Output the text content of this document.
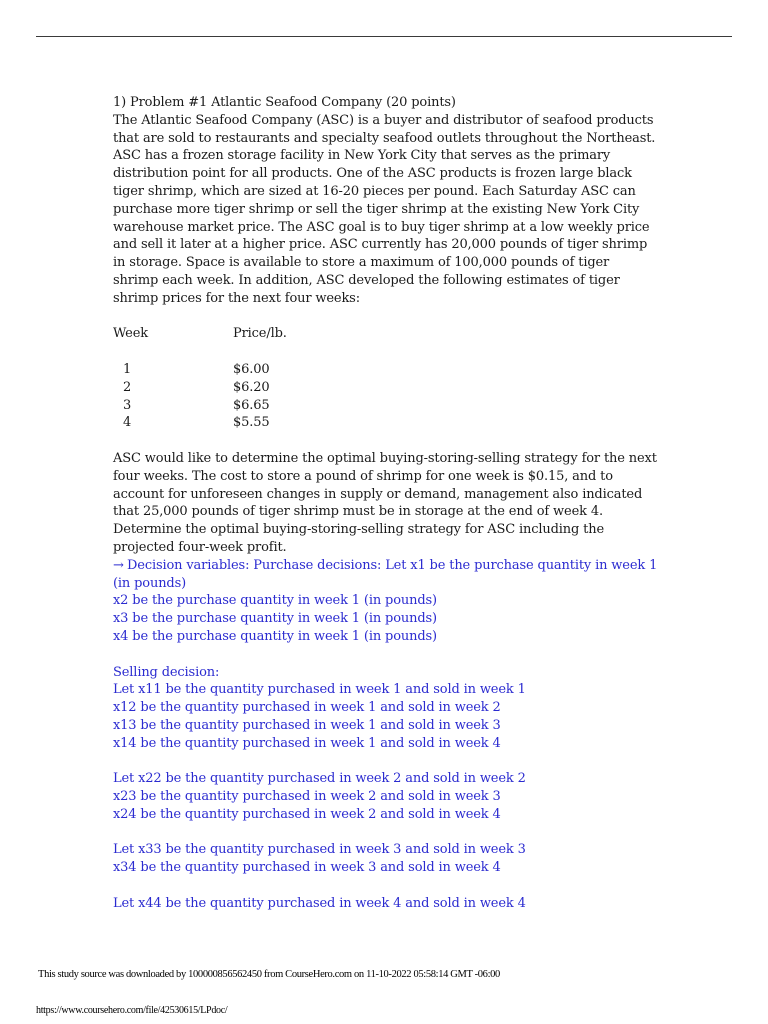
1) Problem #1 Atlantic Seafood Company (20 points)

The Atlantic Seafood Company (ASC) is a buyer and distributor of seafood products that are sold to restaurants and specialty seafood outlets throughout the Northeast. ASC has a frozen storage facility in New York City that serves as the primary distribution point for all products. One of the ASC products is frozen large black tiger shrimp, which are sized at 16-20 pieces per pound. Each Saturday ASC can purchase more tiger shrimp or sell the tiger shrimp at the existing New York City warehouse market price. The ASC goal is to buy tiger shrimp at a low weekly price and sell it later at a higher price. ASC currently has 20,000 pounds of tiger shrimp in storage. Space is available to store a maximum of 100,000 pounds of tiger shrimp each week. In addition, ASC developed the following estimates of tiger shrimp prices for the next four weeks:

Week	Price/lb.
1	$6.00
2	$6.20
3	$6.65
4	$5.55

ASC would like to determine the optimal buying-storing-selling strategy for the next four weeks. The cost to store a pound of shrimp for one week is $0.15, and to account for unforeseen changes in supply or demand, management also indicated that 25,000 pounds of tiger shrimp must be in storage at the end of week 4.

Determine the optimal buying-storing-selling strategy for ASC including the projected four-week profit.

→ Decision variables: Purchase decisions: Let x1 be the purchase quantity in week 1 (in pounds)

x2 be the purchase quantity in week 1 (in pounds)

x3 be the purchase quantity in week 1 (in pounds)

x4 be the purchase quantity in week 1 (in pounds)

Selling decision:

Let x11 be the quantity purchased in week 1 and sold in week 1

x12 be the quantity purchased in week 1 and sold in week 2

x13 be the quantity purchased in week 1 and sold in week 3

x14 be the quantity purchased in week 1 and sold in week 4

Let x22 be the quantity purchased in week 2 and sold in week 2

x23 be the quantity purchased in week 2 and sold in week 3

x24 be the quantity purchased in week 2 and sold in week 4

Let x33 be the quantity purchased in week 3 and sold in week 3

x34 be the quantity purchased in week 3 and sold in week 4

Let x44 be the quantity purchased in week 4 and sold in week 4

This study source was downloaded by 100000856562450 from CourseHero.com on 11-10-2022 05:58:14 GMT -06:00
https://www.coursehero.com/file/42530615/LPdoc/
